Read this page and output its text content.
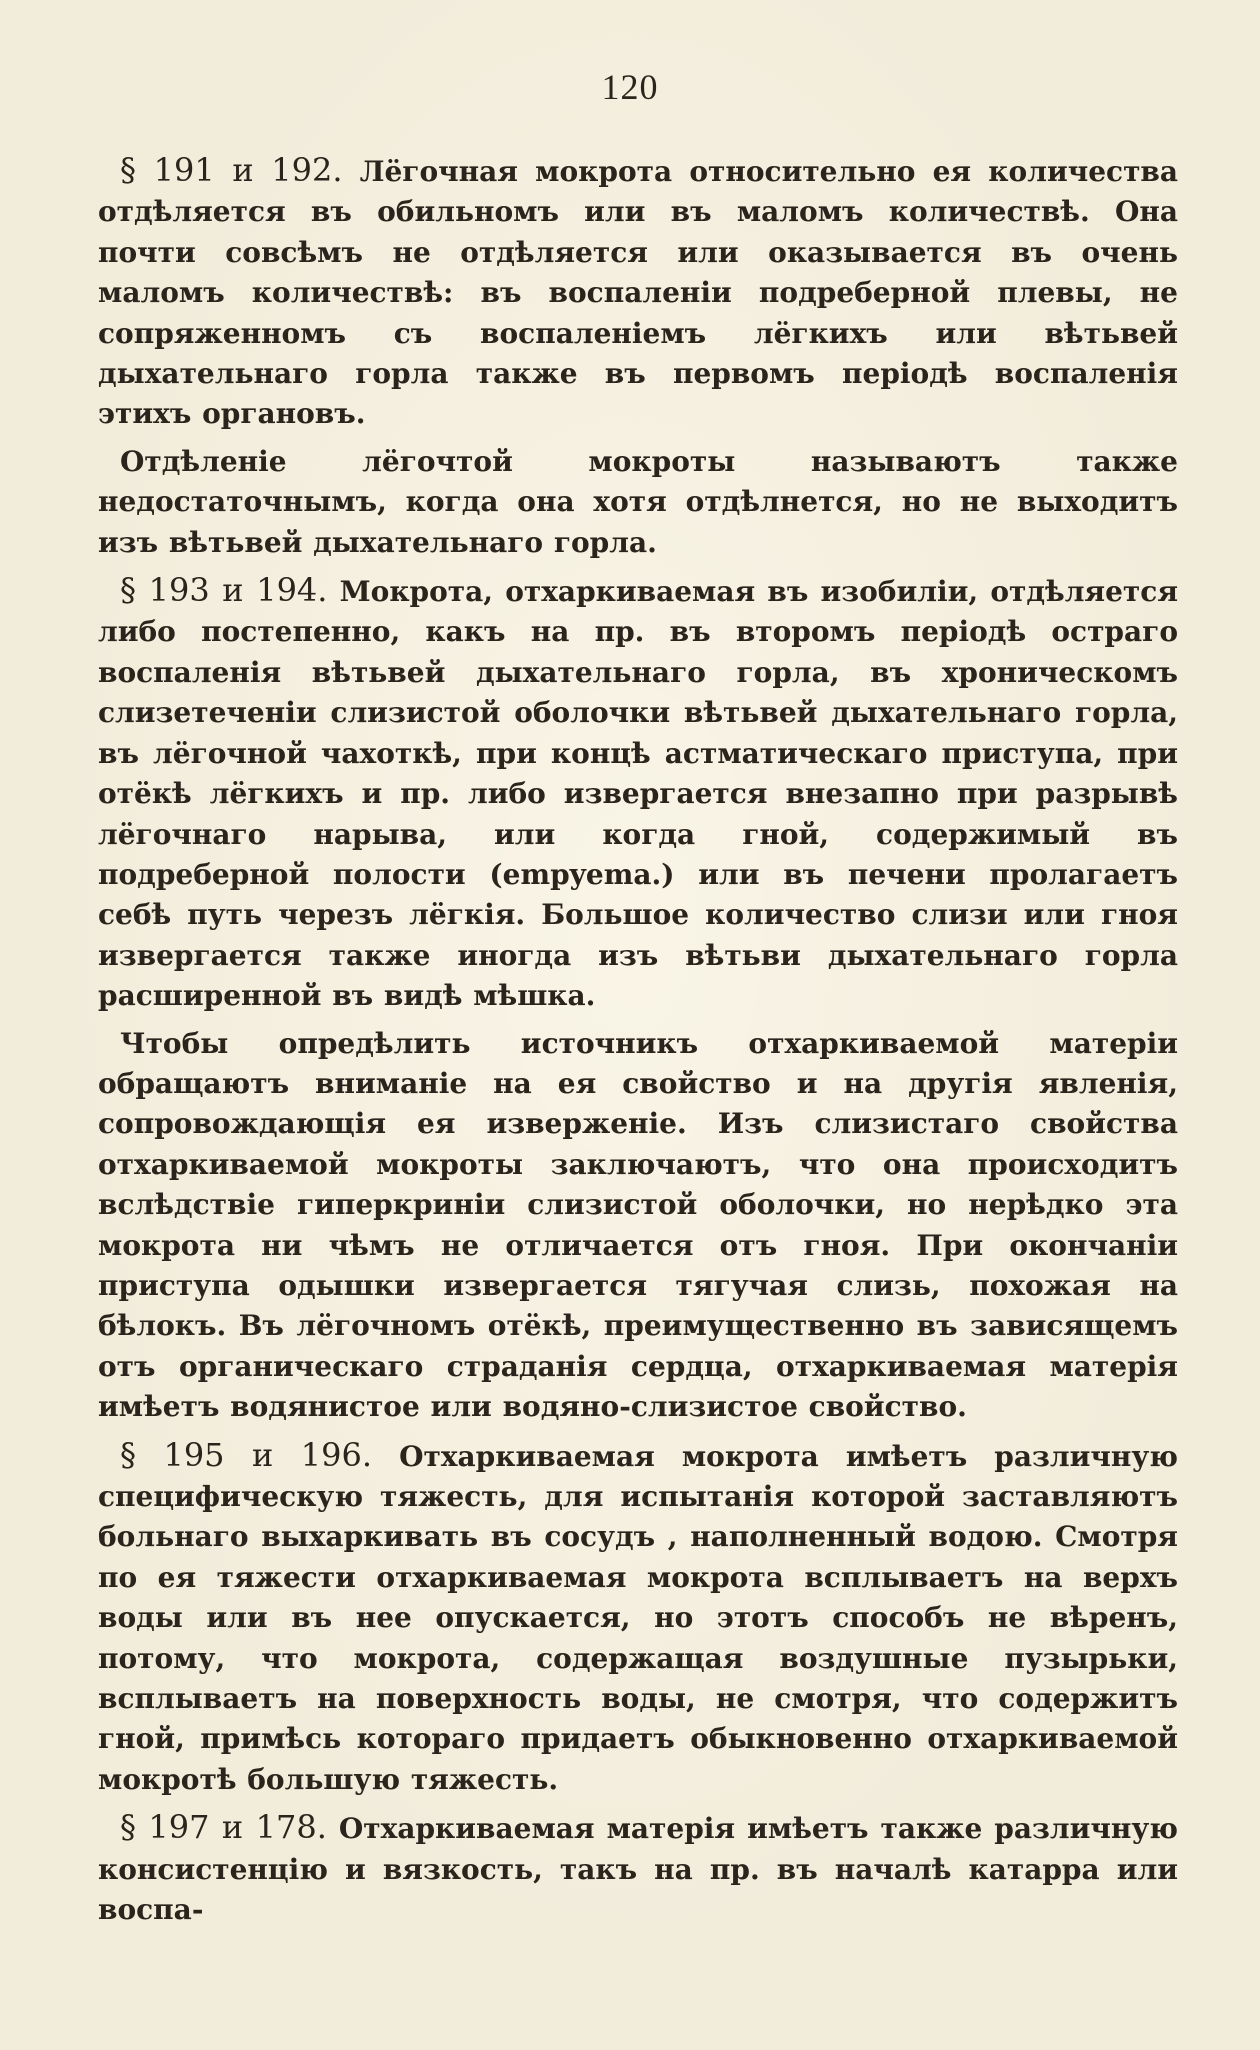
120

§ 191 и 192. Лёгочная мокрота относительно ея количества отдѣляется въ обильномъ или въ маломъ количествѣ. Она почти совсѣмъ не отдѣляется или оказывается въ очень маломъ количествѣ: въ воспаленіи подреберной плевы, не сопряженномъ съ воспаленіемъ лёгкихъ или вѣтьвей дыхательнаго горла также въ первомъ періодѣ воспаленія этихъ органовъ.

Отдѣленіе лёгочтой мокроты называютъ также недостаточнымъ, когда она хотя отдѣлнется, но не выходитъ изъ вѣтьвей дыхательнаго горла.

§ 193 и 194. Мокрота, отхаркиваемая въ изобиліи, отдѣляется либо постепенно, какъ на пр. въ второмъ періодѣ остраго воспаленія вѣтьвей дыхательнаго горла, въ хроническомъ слизетеченіи слизистой оболочки вѣтьвей дыхательнаго горла, въ лёгочной чахоткѣ, при концѣ астматическаго приступа, при отёкѣ лёгкихъ и пр. либо извергается внезапно при разрывѣ лёгочнаго нарыва, или когда гной, содержимый въ подреберной полости (empyema.) или въ печени пролагаетъ себѣ путь черезъ лёгкія. Большое количество слизи или гноя извергается также иногда изъ вѣтьви дыхательнаго горла расширенной въ видѣ мѣшка.

Чтобы опредѣлить источникъ отхаркиваемой матеріи обращаютъ вниманіе на ея свойство и на другія явленія, сопровождающія ея изверженіе. Изъ слизистаго свойства отхаркиваемой мокроты заключаютъ, что она происходитъ вслѣдствіе гиперкриніи слизистой оболочки, но нерѣдко эта мокрота ни чѣмъ не отличается отъ гноя. При окончаніи приступа одышки извергается тягучая слизь, похожая на бѣлокъ. Въ лёгочномъ отёкѣ, преимущественно въ зависящемъ отъ органическаго страданія сердца, отхаркиваемая матерія имѣетъ водянистое или водяно-слизистое свойство.

§ 195 и 196. Отхаркиваемая мокрота имѣетъ различную специфическую тяжесть, для испытанія которой заставляютъ больнаго выхаркивать въ сосудъ , наполненный водою. Смотря по ея тяжести отхаркиваемая мокрота всплываетъ на верхъ воды или въ нее опускается, но этотъ способъ не вѣренъ, потому, что мокрота, содержащая воздушные пузырьки, всплываетъ на поверхность воды, не смотря, что содержитъ гной, примѣсь котораго придаетъ обыкновенно отхаркиваемой мокротѣ большую тяжесть.

§ 197 и 178. Отхаркиваемая матерія имѣетъ также различную консистенцію и вязкость, такъ на пр. въ началѣ катарра или воспа-
